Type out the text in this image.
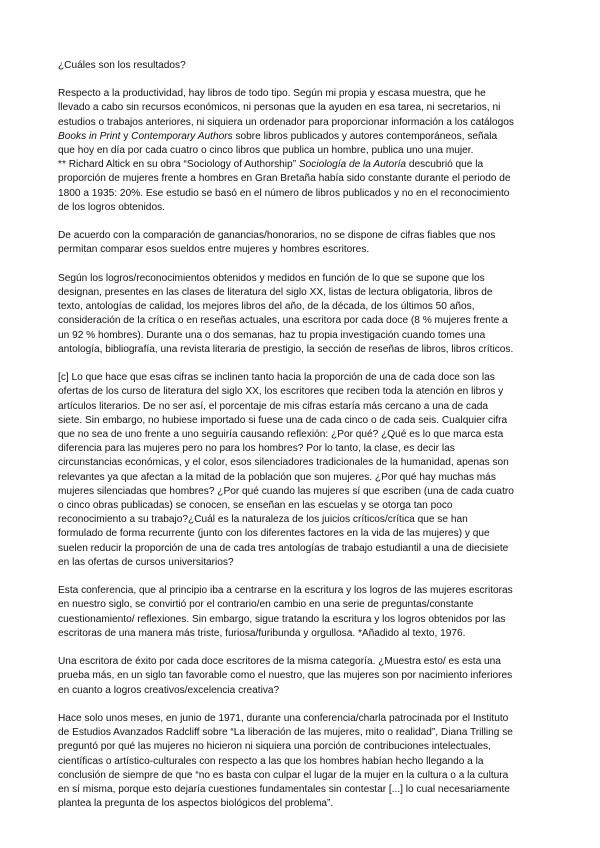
¿Cuáles son los resultados?
Respecto a la productividad, hay libros de todo tipo. Según mi propia y escasa muestra, que he
llevado a cabo sin recursos económicos, ni personas que la ayuden en esa tarea, ni secretarios, ni
estudios o trabajos anteriores, ni siquiera un ordenador para proporcionar información a los catálogos
Books in Print y Contemporary Authors sobre libros publicados y autores contemporáneos, señala
que hoy en día por cada cuatro o cinco libros que publica un hombre, publica uno una mujer.
** Richard Altick en su obra “Sociology of Authorship” Sociología de la Autoría descubrió que la
proporción de mujeres frente a hombres en Gran Bretaña había sido constante durante el periodo de
1800 a 1935: 20%. Ese estudio se basó en el número de libros publicados y no en el reconocimiento
de los logros obtenidos.
De acuerdo con la comparación de ganancias/honorarios, no se dispone de cifras fiables que nos
permitan comparar esos sueldos entre mujeres y hombres escritores.
Según los logros/reconocimientos obtenidos y medidos en función de lo que se supone que los
designan, presentes en las clases de literatura del siglo XX, listas de lectura obligatoria, libros de
texto, antologías de calidad, los mejores libros del año, de la década, de los últimos 50 años,
consideración de la crítica o en reseñas actuales, una escritora por cada doce (8 % mujeres frente a
un 92 % hombres). Durante una o dos semanas, haz tu propia investigación cuando tomes una
antología, bibliografía, una revista literaria de prestigio, la sección de reseñas de libros, libros críticos.
[c] Lo que hace que esas cifras se inclinen tanto hacia la proporción de una de cada doce son las
ofertas de los curso de literatura del siglo XX, los escritores que reciben toda la atención en libros y
artículos literarios. De no ser así, el porcentaje de mis cifras estaría más cercano a una de cada
siete. Sin embargo, no hubiese importado si fuese una de cada cinco o de cada seis. Cualquier cifra
que no sea de uno frente a uno seguiría causando reflexión: ¿Por qué? ¿Qué es lo que marca esta
diferencia para las mujeres pero no para los hombres? Por lo tanto, la clase, es decir las
circunstancias económicas, y el color, esos silenciadores tradicionales de la humanidad, apenas son
relevantes ya que afectan a la mitad de la población que son mujeres. ¿Por qué hay muchas más
mujeres silenciadas que hombres? ¿Por qué cuando las mujeres sí que escriben (una de cada cuatro
o cinco obras publicadas) se conocen, se enseñan en las escuelas y se otorga tan poco
reconocimiento a su trabajo?¿Cuál es la naturaleza de los juicios críticos/crítica que se han
formulado de forma recurrente (junto con los diferentes factores en la vida de las mujeres) y que
suelen reducir la proporción de una de cada tres antologías de trabajo estudiantil a una de diecisiete
en las ofertas de cursos universitarios?
Esta conferencia, que al principio iba a centrarse en la escritura y los logros de las mujeres escritoras
en nuestro siglo, se convirtió por el contrario/en cambio en una serie de preguntas/constante
cuestionamiento/ reflexiones. Sin embargo, sigue tratando la escritura y los logros obtenidos por las
escritoras de una manera más triste, furiosa/furibunda y orgullosa. *Añadido al texto, 1976.
Una escritora de éxito por cada doce escritores de la misma categoría. ¿Muestra esto/ es esta una
prueba más, en un siglo tan favorable como el nuestro, que las mujeres son por nacimiento inferiores
en cuanto a logros creativos/excelencia creativa?
Hace solo unos meses, en junio de 1971, durante una conferencia/charla patrocinada por el Instituto
de Estudios Avanzados Radcliff sobre “La liberación de las mujeres, mito o realidad”, Diana Trilling se
preguntó por qué las mujeres no hicieron ni siquiera una porción de contribuciones intelectuales,
científicas o artístico-culturales con respecto a las que los hombres habían hecho llegando a la
conclusión de siempre de que “no es basta con culpar el lugar de la mujer en la cultura o a la cultura
en sí misma, porque esto dejaría cuestiones fundamentales sin contestar [...] lo cual necesariamente
plantea la pregunta de los aspectos biológicos del problema”.
